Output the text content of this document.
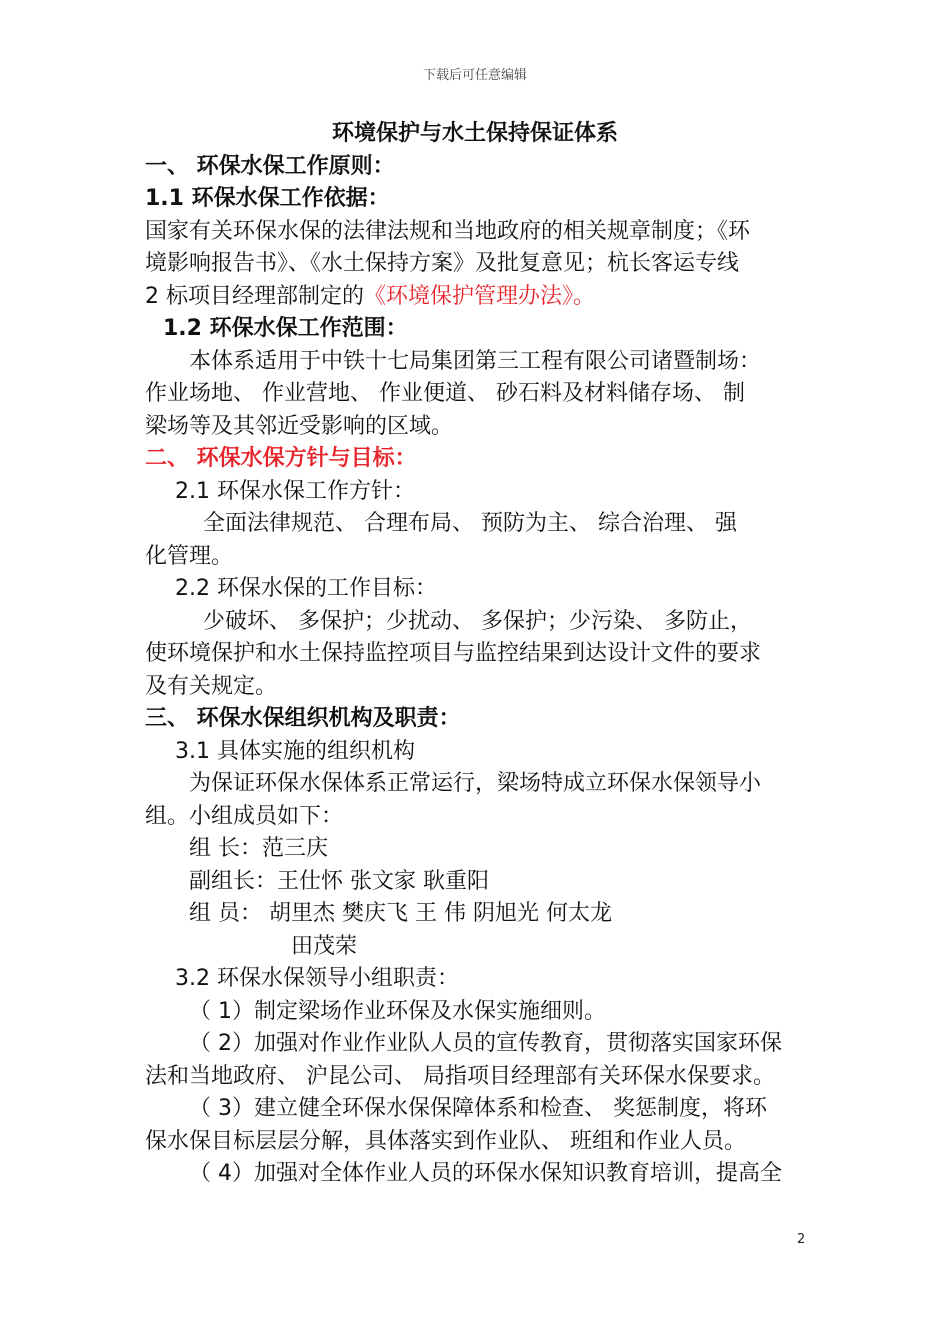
下载后可任意编辑

环境保护与水土保持保证体系

一、 环保水保工作原则：

1.1 环保水保工作依据：

国家有关环保水保的法律法规和当地政府的相关规章制度；《环

境影响报告书》、《水土保持方案》及批复意见；杭长客运专线

2 标项目经理部制定的《环境保护管理办法》。

1.2 环保水保工作范围：

本体系适用于中铁十七局集团第三工程有限公司诸暨制场：

作业场地、 作业营地、 作业便道、 砂石料及材料储存场、 制

梁场等及其邻近受影响的区域。

二、 环保水保方针与目标：

2.1 环保水保工作方针：

全面法律规范、 合理布局、 预防为主、 综合治理、 强

化管理。

2.2 环保水保的工作目标：

少破坏、 多保护；少扰动、 多保护；少污染、 多防止，

使环境保护和水土保持监控项目与监控结果到达设计文件的要求

及有关规定。

三、 环保水保组织机构及职责：

3.1 具体实施的组织机构

为保证环保水保体系正常运行，梁场特成立环保水保领导小

组。小组成员如下：

组 长：范三庆

副组长：王仕怀 张文家 耿重阳

组 员： 胡里杰 樊庆飞 王 伟 阴旭光 何太龙

田茂荣

3.2 环保水保领导小组职责：

（ 1）制定梁场作业环保及水保实施细则。

（ 2）加强对作业作业队人员的宣传教育，贯彻落实国家环保

法和当地政府、 沪昆公司、 局指项目经理部有关环保水保要求。

（ 3）建立健全环保水保保障体系和检查、 奖惩制度，将环

保水保目标层层分解，具体落实到作业队、 班组和作业人员。

（ 4）加强对全体作业人员的环保水保知识教育培训，提高全

2
